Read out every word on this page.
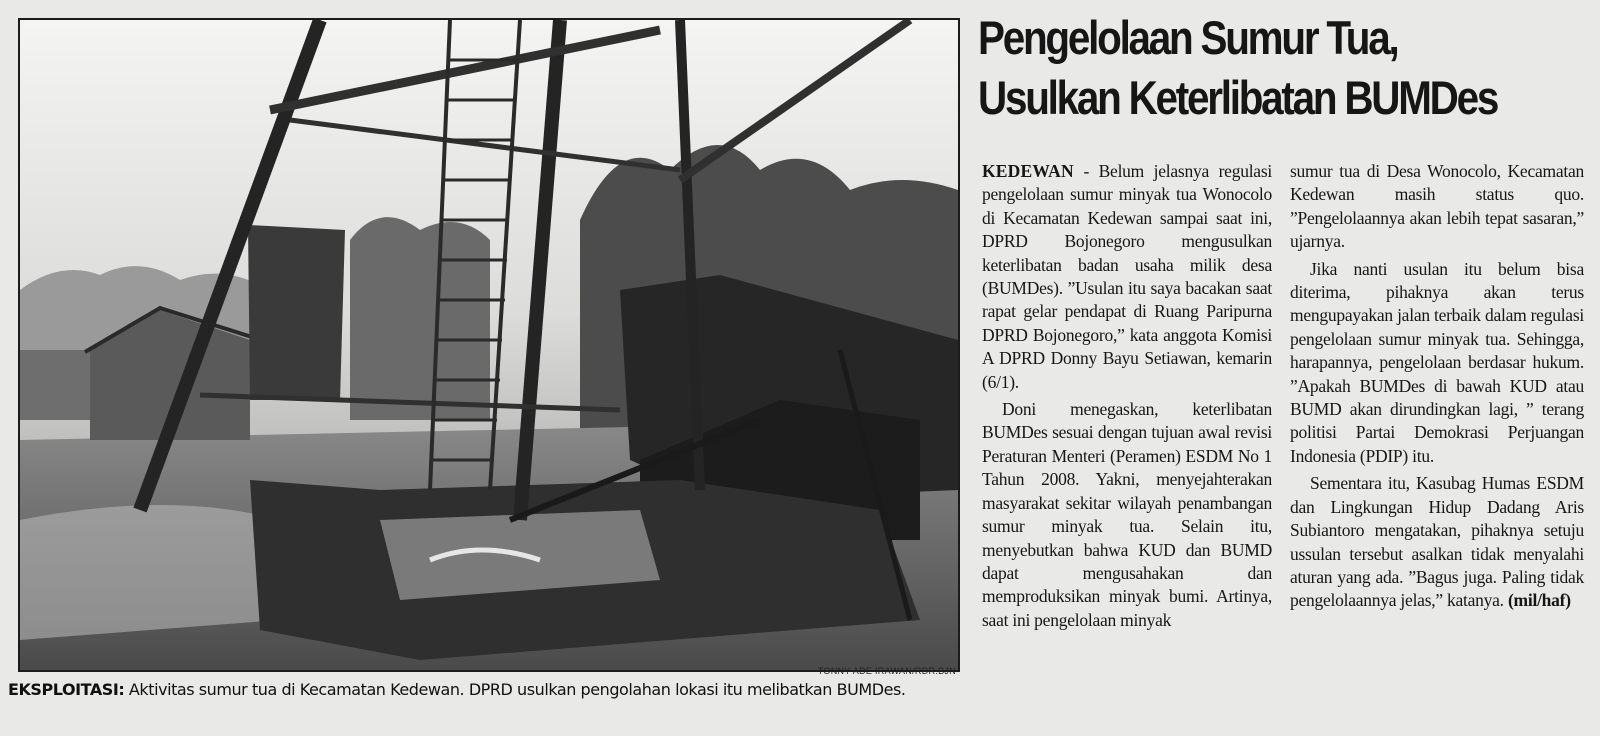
TONNY ADE IRAWAN/RDR.BJN
EKSPLOITASI: Aktivitas sumur tua di Kecamatan Kedewan. DPRD usulkan pengolahan lokasi itu melibatkan BUMDes.
Pengelolaan Sumur Tua,
Usulkan Keterlibatan BUMDes

KEDEWAN - Belum jelasnya regulasi pengelolaan sumur minyak tua Wonocolo di Kecamatan Kedewan sampai saat ini, DPRD Bojonegoro mengusulkan keterlibatan badan usaha milik desa (BUMDes). ”Usulan itu saya bacakan saat rapat gelar pendapat di Ruang Paripurna DPRD Bojonegoro,” kata anggota Komisi A DPRD Donny Bayu Setiawan, kemarin (6/1).

Doni menegaskan, keterlibatan BUMDes sesuai dengan tujuan awal revisi Peraturan Menteri (Peramen) ESDM No 1 Tahun 2008. Yakni, menyejahterakan masyarakat sekitar wilayah penambangan sumur minyak tua. Selain itu, menyebutkan bahwa KUD dan BUMD dapat mengusahakan dan memproduksikan minyak bumi. Artinya, saat ini pengelolaan minyak

sumur tua di Desa Wonocolo, Kecamatan Kedewan masih status quo. ”Pengelolaannya akan lebih tepat sasaran,” ujarnya.

Jika nanti usulan itu belum bisa diterima, pihaknya akan terus mengupayakan jalan terbaik dalam regulasi pengelolaan sumur minyak tua. Sehingga, harapannya, pengelolaan berdasar hukum. ”Apakah BUMDes di bawah KUD atau BUMD akan dirundingkan lagi, ” terang politisi Partai Demokrasi Perjuangan Indonesia (PDIP) itu.

Sementara itu, Kasubag Humas ESDM dan Lingkungan Hidup Dadang Aris Subiantoro mengatakan, pihaknya setuju ussulan tersebut asalkan tidak menyalahi aturan yang ada. ”Bagus juga. Paling tidak pengelolaannya jelas,” katanya. (mil/haf)
